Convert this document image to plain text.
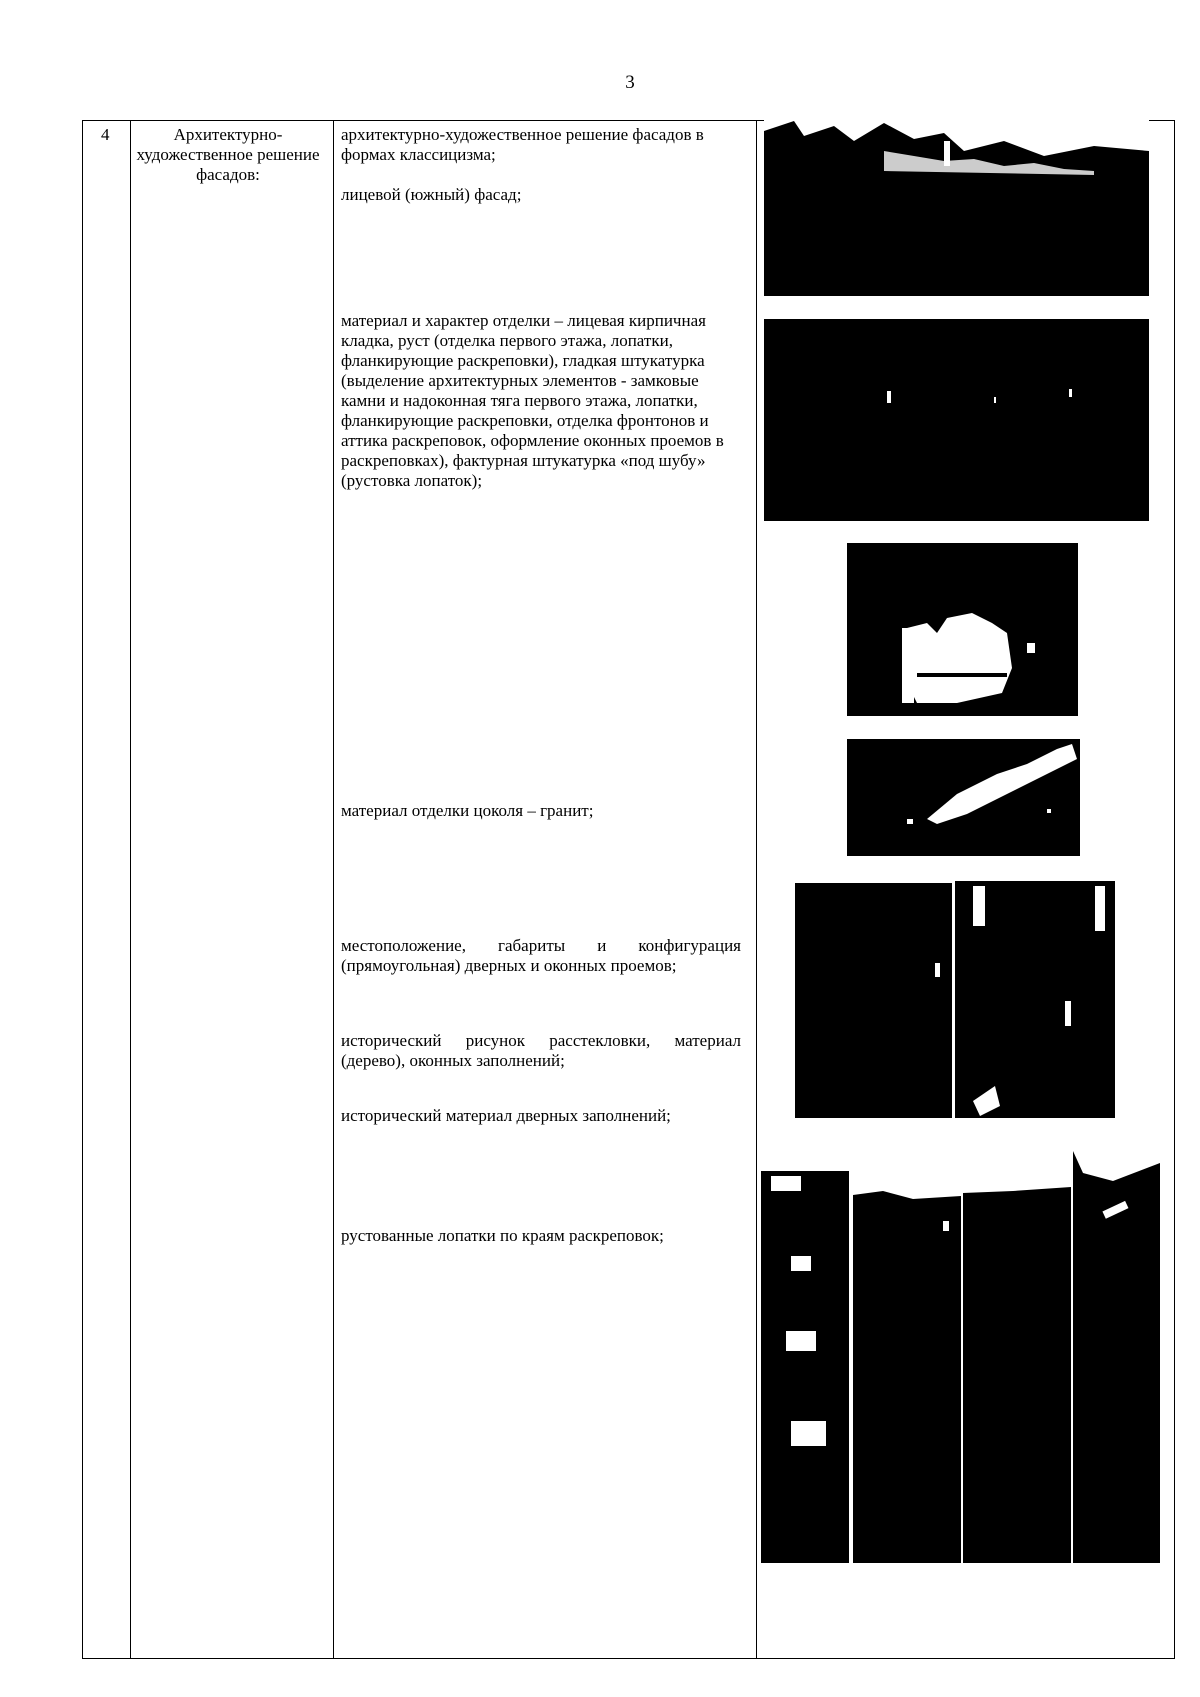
3
4	Архитектурно-художественное решение фасадов:
архитектурно-художественное решение фасадов в формах классицизма;
лицевой (южный) фасад;
материал и характер отделки – лицевая кирпичная кладка, руст (отделка первого этажа, лопатки, фланкирующие раскреповки), гладкая штукатурка (выделение архитектурных элементов - замковые камни и надоконная тяга первого этажа, лопатки, фланкирующие раскреповки, отделка фронтонов и аттика раскреповок, оформление оконных проемов в раскреповках), фактурная штукатурка «под шубу» (рустовка лопаток);
материал отделки цоколя – гранит;
местоположение, габариты и конфигурация (прямоугольная) дверных и оконных проемов;
исторический рисунок расстекловки, материал (дерево), оконных заполнений;
исторический материал дверных заполнений;
рустованные лопатки по краям раскреповок;
